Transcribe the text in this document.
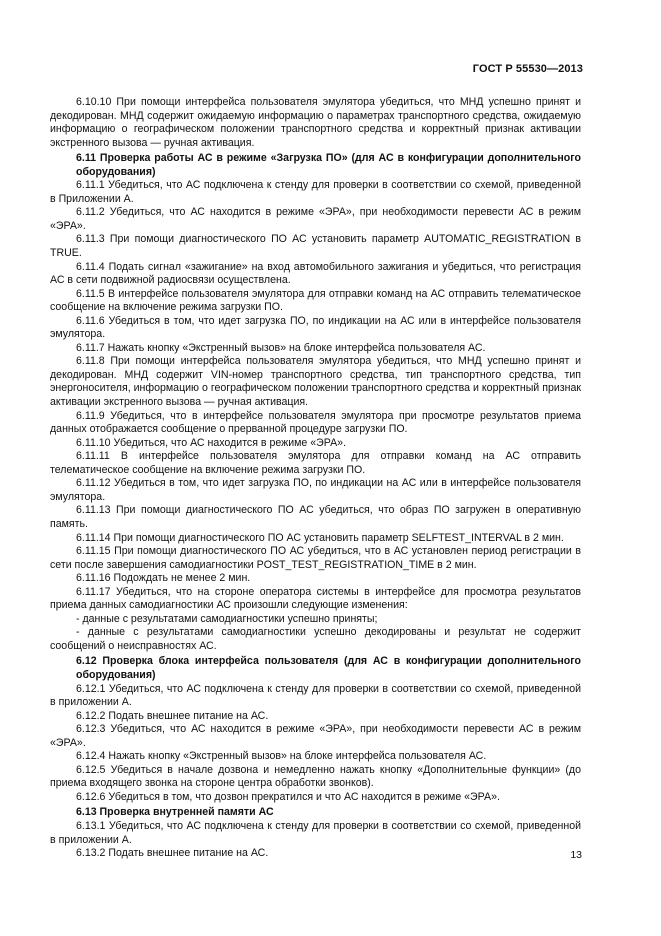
ГОСТ Р 55530—2013

6.10.10 При помощи интерфейса пользователя эмулятора убедиться, что МНД успешно принят и декодирован. МНД содержит ожидаемую информацию о параметрах транспортного средства, ожидаемую информацию о географическом положении транспортного средства и корректный признак активации экстренного вызова — ручная активация.

6.11 Проверка работы АС в режиме «Загрузка ПО» (для АС в конфигурации дополнительного оборудования)

6.11.1 Убедиться, что АС подключена к стенду для проверки в соответствии со схемой, приведенной в Приложении А.

6.11.2 Убедиться, что АС находится в режиме «ЭРА», при необходимости перевести АС в режим «ЭРА».

6.11.3 При помощи диагностического ПО АС установить параметр AUTOMATIC_REGISTRATION в TRUE.

6.11.4 Подать сигнал «зажигание» на вход автомобильного зажигания и убедиться, что регистрация АС в сети подвижной радиосвязи осуществлена.

6.11.5 В интерфейсе пользователя эмулятора для отправки команд на АС отправить телематическое сообщение на включение режима загрузки ПО.

6.11.6 Убедиться в том, что идет загрузка ПО, по индикации на АС или в интерфейсе пользователя эмулятора.

6.11.7 Нажать кнопку «Экстренный вызов» на блоке интерфейса пользователя АС.

6.11.8 При помощи интерфейса пользователя эмулятора убедиться, что МНД успешно принят и декодирован. МНД содержит VIN-номер транспортного средства, тип транспортного средства, тип энергоносителя, информацию о географическом положении транспортного средства и корректный признак активации экстренного вызова — ручная активация.

6.11.9 Убедиться, что в интерфейсе пользователя эмулятора при просмотре результатов приема данных отображается сообщение о прерванной процедуре загрузки ПО.

6.11.10 Убедиться, что АС находится в режиме «ЭРА».

6.11.11 В интерфейсе пользователя эмулятора для отправки команд на АС отправить телематическое сообщение на включение режима загрузки ПО.

6.11.12 Убедиться в том, что идет загрузка ПО, по индикации на АС или в интерфейсе пользователя эмулятора.

6.11.13 При помощи диагностического ПО АС убедиться, что образ ПО загружен в оперативную память.

6.11.14 При помощи диагностического ПО АС установить параметр SELFTEST_INTERVAL в 2 мин.

6.11.15 При помощи диагностического ПО АС убедиться, что в АС установлен период регистрации в сети после завершения самодиагностики POST_TEST_REGISTRATION_TIME в 2 мин.

6.11.16 Подождать не менее 2 мин.

6.11.17 Убедиться, что на стороне оператора системы в интерфейсе для просмотра результатов приема данных самодиагностики АС произошли следующие изменения:

- данные с результатами самодиагностики успешно приняты;

- данные с результатами самодиагностики успешно декодированы и результат не содержит сообщений о неисправностях АС.

6.12 Проверка блока интерфейса пользователя (для АС в конфигурации дополнительного оборудования)

6.12.1 Убедиться, что АС подключена к стенду для проверки в соответствии со схемой, приведенной в приложении А.

6.12.2 Подать внешнее питание на АС.

6.12.3 Убедиться, что АС находится в режиме «ЭРА», при необходимости перевести АС в режим «ЭРА».

6.12.4 Нажать кнопку «Экстренный вызов» на блоке интерфейса пользователя АС.

6.12.5 Убедиться в начале дозвона и немедленно нажать кнопку «Дополнительные функции» (до приема входящего звонка на стороне центра обработки звонков).

6.12.6 Убедиться в том, что дозвон прекратился и что АС находится в режиме «ЭРА».

6.13 Проверка внутренней памяти АС

6.13.1 Убедиться, что АС подключена к стенду для проверки в соответствии со схемой, приведенной в приложении А.

6.13.2 Подать внешнее питание на АС.	13
